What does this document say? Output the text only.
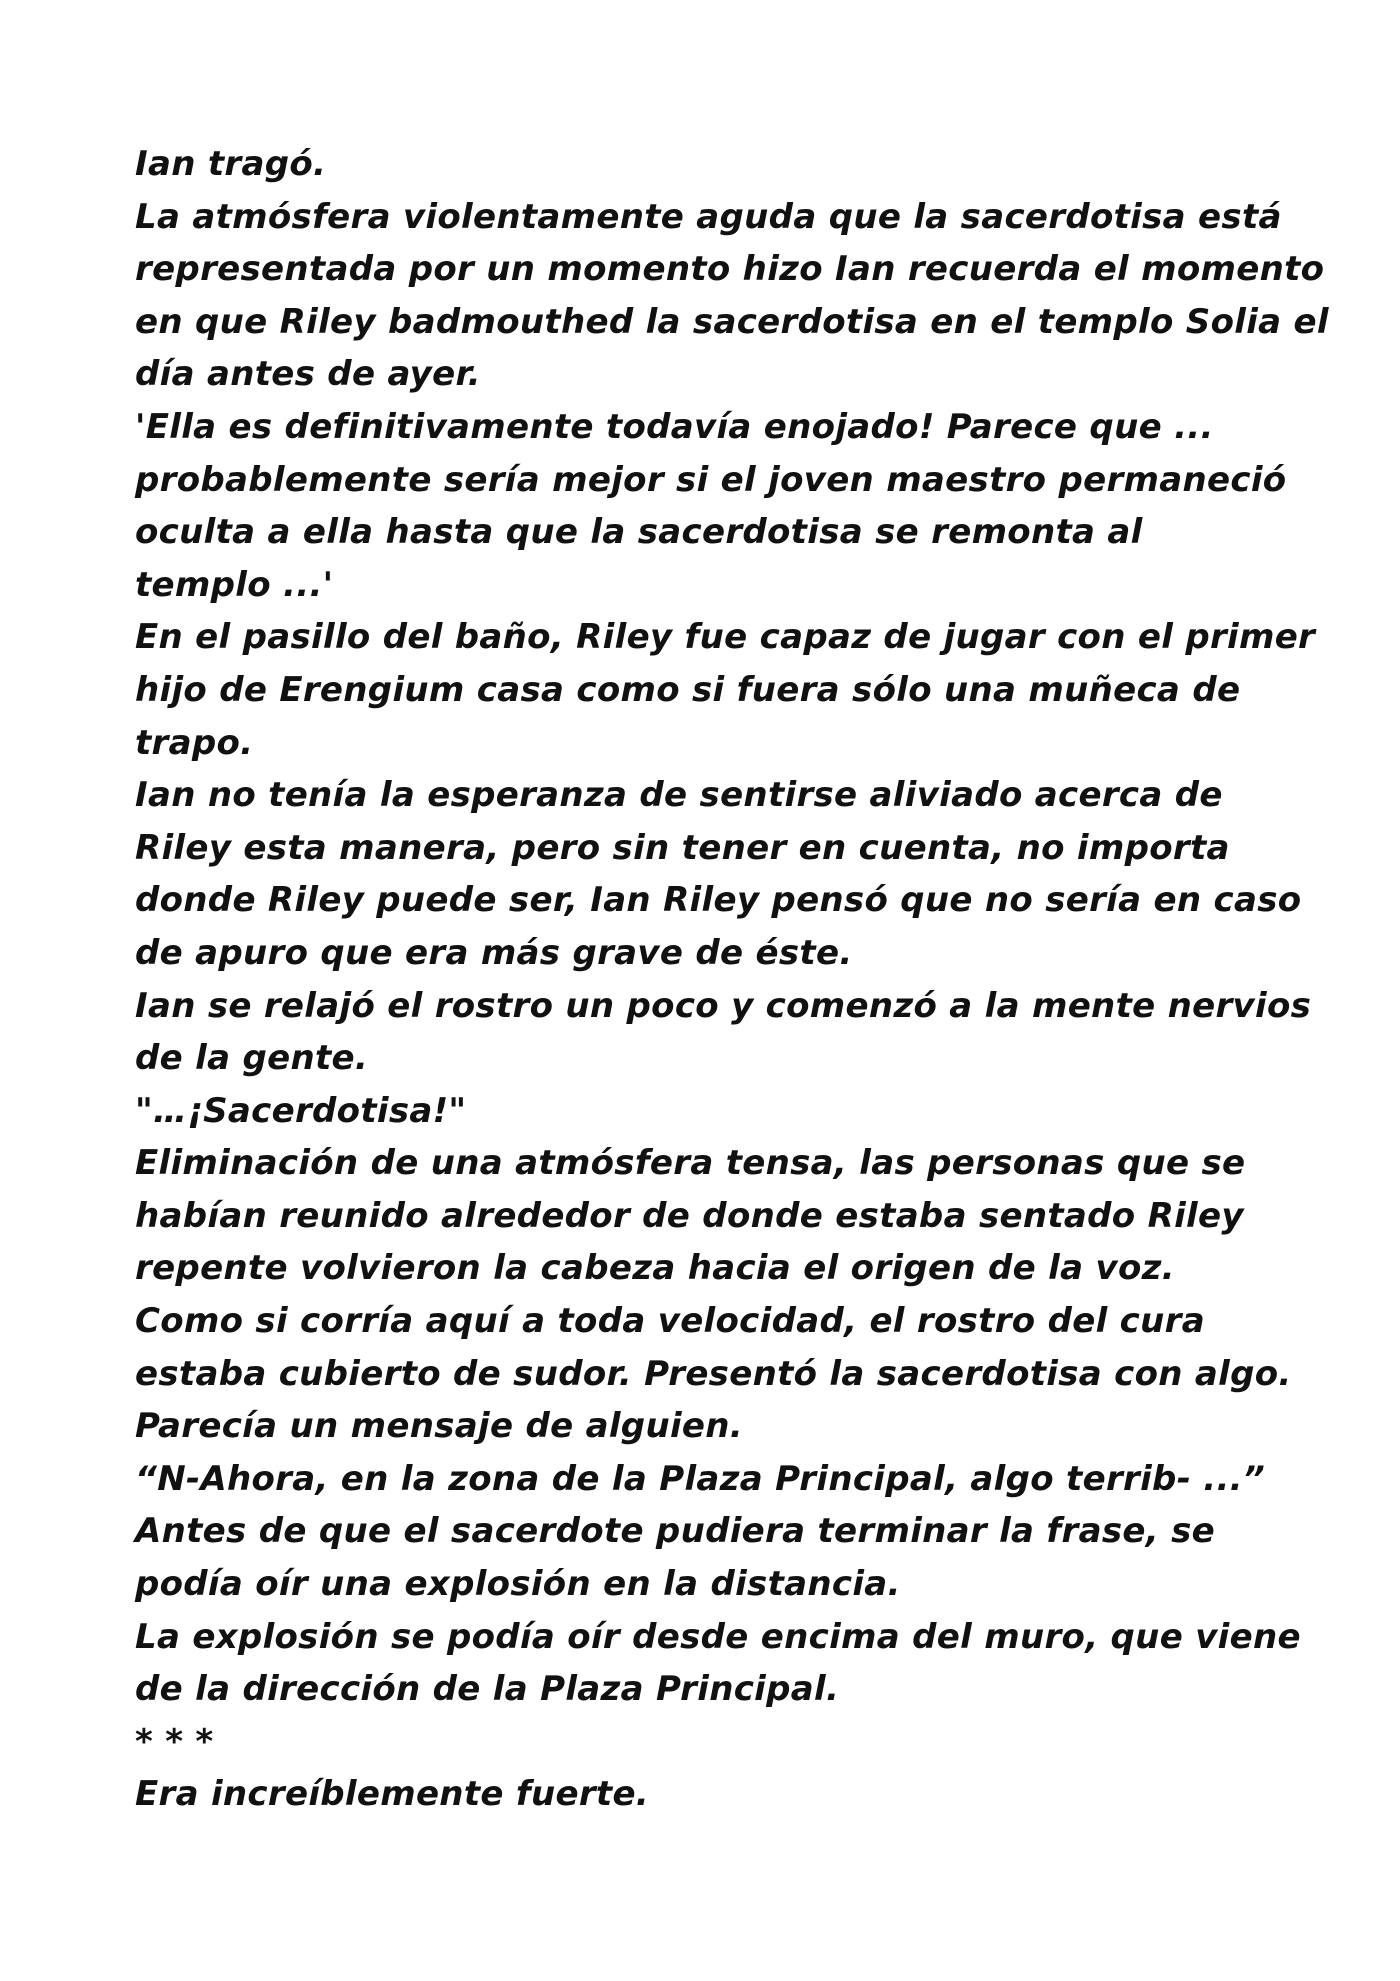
Ian tragó.
La atmósfera violentamente aguda que la sacerdotisa está
representada por un momento hizo Ian recuerda el momento
en que Riley badmouthed la sacerdotisa en el templo Solia el
día antes de ayer.
'Ella es definitivamente todavía enojado! Parece que ...
probablemente sería mejor si el joven maestro permaneció
oculta a ella hasta que la sacerdotisa se remonta al
templo ...'
En el pasillo del baño, Riley fue capaz de jugar con el primer
hijo de Erengium casa como si fuera sólo una muñeca de
trapo.
Ian no tenía la esperanza de sentirse aliviado acerca de
Riley esta manera, pero sin tener en cuenta, no importa
donde Riley puede ser, Ian Riley pensó que no sería en caso
de apuro que era más grave de éste.
Ian se relajó el rostro un poco y comenzó a la mente nervios
de la gente.
"…¡Sacerdotisa!"
Eliminación de una atmósfera tensa, las personas que se
habían reunido alrededor de donde estaba sentado Riley
repente volvieron la cabeza hacia el origen de la voz.
Como si corría aquí a toda velocidad, el rostro del cura
estaba cubierto de sudor. Presentó la sacerdotisa con algo.
Parecía un mensaje de alguien.
“N-Ahora, en la zona de la Plaza Principal, algo terrib- ...”
Antes de que el sacerdote pudiera terminar la frase, se
podía oír una explosión en la distancia.
La explosión se podía oír desde encima del muro, que viene
de la dirección de la Plaza Principal.
* * *
Era increíblemente fuerte.
